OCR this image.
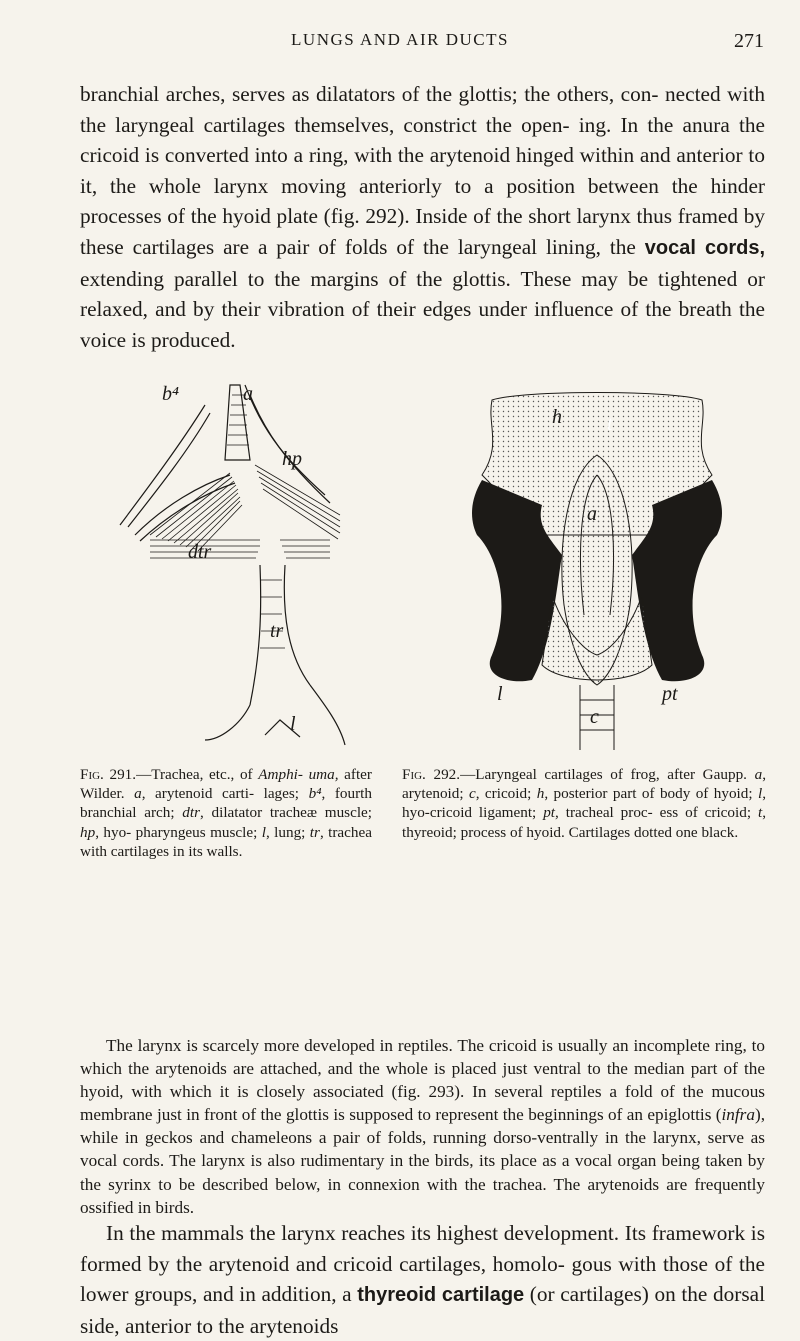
LUNGS AND AIR DUCTS	271

branchial arches, serves as dilatators of the glottis; the others, con- nected with the laryngeal cartilages themselves, constrict the open- ing. In the anura the cricoid is converted into a ring, with the arytenoid hinged within and anterior to it, the whole larynx moving anteriorly to a position between the hinder processes of the hyoid plate (fig. 292). Inside of the short larynx thus framed by these cartilages are a pair of folds of the laryngeal lining, the vocal cords, extending parallel to the margins of the glottis. These may be tightened or relaxed, and by their vibration of their edges under influence of the breath the voice is produced.

b⁴	a
hp
dtr
tr
l
h t
a
l
c
pt

Fig. 291.—Trachea, etc., of Amphi- uma, after Wilder. a, arytenoid carti- lages; b⁴, fourth branchial arch; dtr, dilatator tracheæ muscle; hp, hyo- pharyngeus muscle; l, lung; tr, trachea with cartilages in its walls.

Fig. 292.—Laryngeal cartilages of frog, after Gaupp. a, arytenoid; c, cricoid; h, posterior part of body of hyoid; l, hyo-cricoid ligament; pt, tracheal proc- ess of cricoid; t, thyreoid; process of hyoid. Cartilages dotted one black.

The larynx is scarcely more developed in reptiles. The cricoid is usually an incomplete ring, to which the arytenoids are attached, and the whole is placed just ventral to the median part of the hyoid, with which it is closely associated (fig. 293). In several reptiles a fold of the mucous membrane just in front of the glottis is supposed to represent the beginnings of an epiglottis (infra), while in geckos and chameleons a pair of folds, running dorso-ventrally in the larynx, serve as vocal cords. The larynx is also rudimentary in the birds, its place as a vocal organ being taken by the syrinx to be described below, in connexion with the trachea. The arytenoids are frequently ossified in birds.

In the mammals the larynx reaches its highest development. Its framework is formed by the arytenoid and cricoid cartilages, homolo- gous with those of the lower groups, and in addition, a thyreoid cartilage (or cartilages) on the dorsal side, anterior to the arytenoids
